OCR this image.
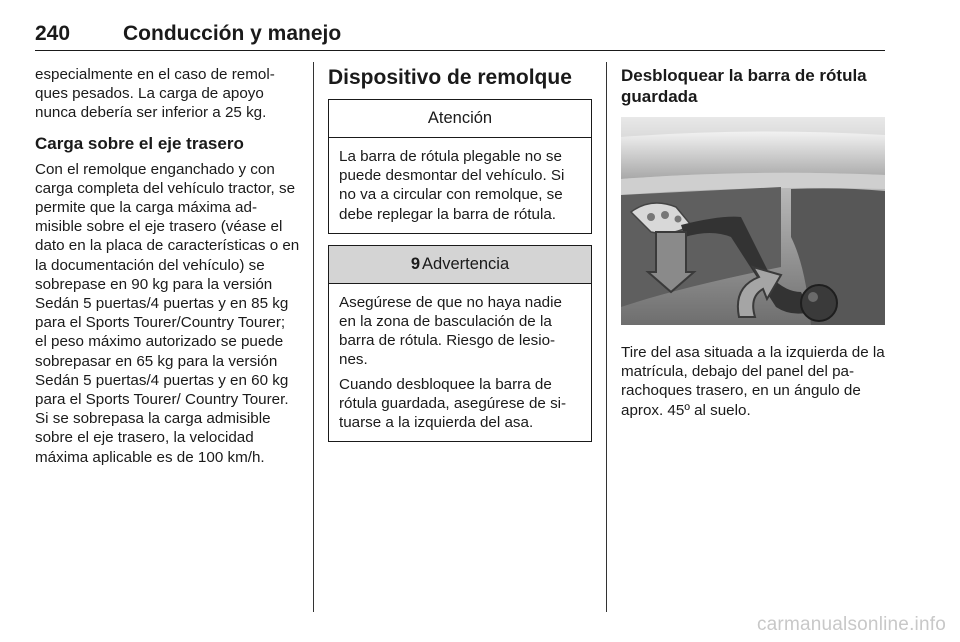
240	Conducción y manejo

especialmente en el caso de remol-ques pesados. La carga de apoyo nunca debería ser inferior a 25 kg.

Carga sobre el eje trasero

Con el remolque enganchado y con carga completa del vehículo tractor, se permite que la carga máxima ad-misible sobre el eje trasero (véase el dato en la placa de características o en la documentación del vehículo) se sobrepase en 90 kg para la versión Sedán 5 puertas/4 puertas y en 85 kg para el Sports Tourer/Country Tourer; el peso máximo autorizado se puede sobrepasar en 65 kg para la versión Sedán 5 puertas/4 puertas y en 60 kg para el Sports Tourer/ Country Tourer. Si se sobrepasa la carga admisible sobre el eje trasero, la velocidad máxima aplicable es de 100 km/h.

Dispositivo de remolque
Atención

La barra de rótula plegable no se puede desmontar del vehículo. Si no va a circular con remolque, se debe replegar la barra de rótula.

9 Advertencia

Asegúrese de que no haya nadie en la zona de basculación de la barra de rótula. Riesgo de lesio-nes.

Cuando desbloquee la barra de rótula guardada, asegúrese de si-tuarse a la izquierda del asa.

Desbloquear la barra de rótula guardada

Tire del asa situada a la izquierda de la matrícula, debajo del panel del pa-rachoques trasero, en un ángulo de aprox. 45º al suelo.

carmanualsonline.info
